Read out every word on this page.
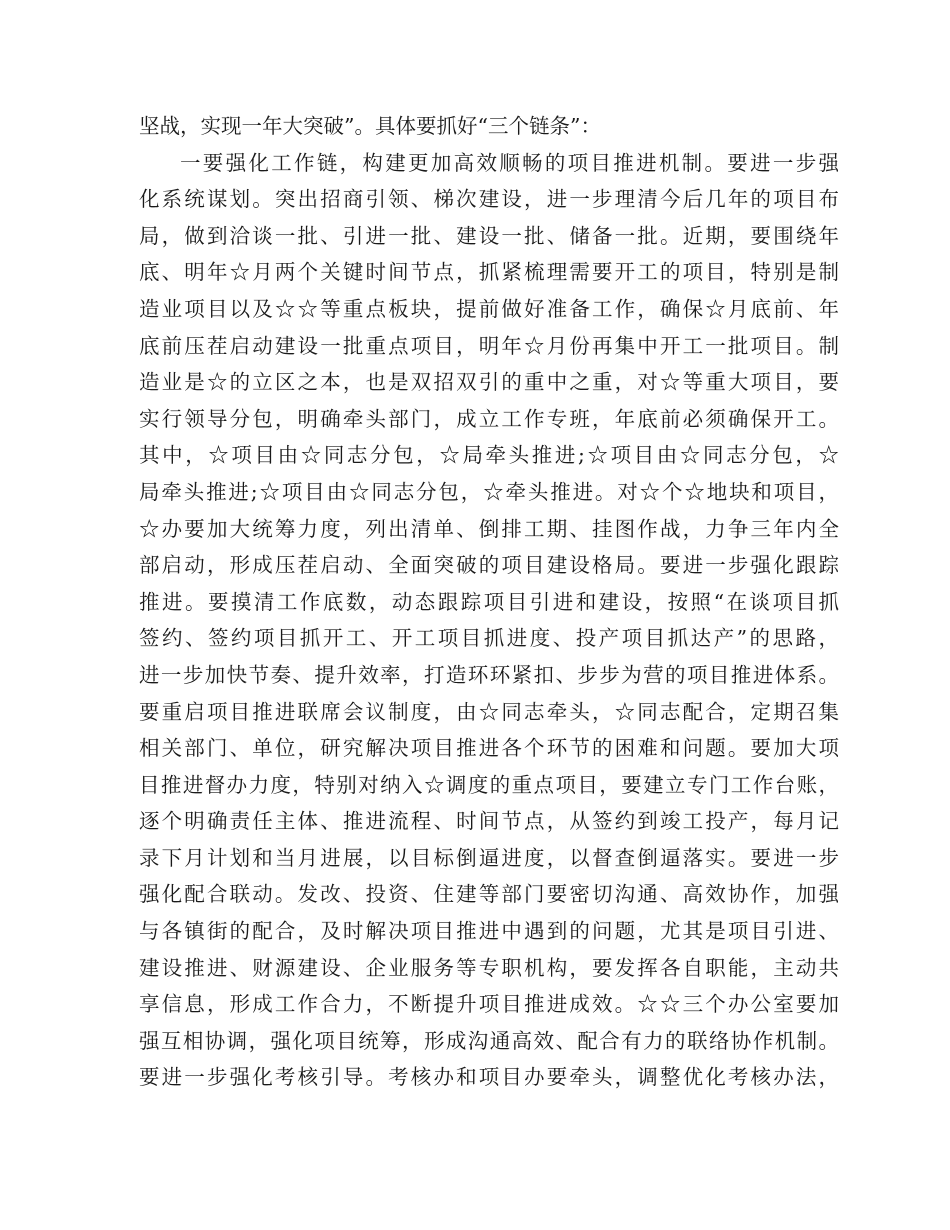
坚战，实现一年大突破”。具体要抓好“三个链条”：
一要强化工作链，构建更加高效顺畅的项目推进机制。要进一步强
化系统谋划。突出招商引领、梯次建设，进一步理清今后几年的项目布
局，做到洽谈一批、引进一批、建设一批、储备一批。近期，要围绕年
底、明年☆月两个关键时间节点，抓紧梳理需要开工的项目，特别是制
造业项目以及☆☆等重点板块，提前做好准备工作，确保☆月底前、年
底前压茬启动建设一批重点项目，明年☆月份再集中开工一批项目。制
造业是☆的立区之本，也是双招双引的重中之重，对☆等重大项目，要
实行领导分包，明确牵头部门，成立工作专班，年底前必须确保开工。
其中，☆项目由☆同志分包，☆局牵头推进;☆项目由☆同志分包，☆
局牵头推进;☆项目由☆同志分包，☆牵头推进。对☆个☆地块和项目，
☆办要加大统筹力度，列出清单、倒排工期、挂图作战，力争三年内全
部启动，形成压茬启动、全面突破的项目建设格局。要进一步强化跟踪
推进。要摸清工作底数，动态跟踪项目引进和建设，按照“在谈项目抓
签约、签约项目抓开工、开工项目抓进度、投产项目抓达产”的思路，
进一步加快节奏、提升效率，打造环环紧扣、步步为营的项目推进体系。
要重启项目推进联席会议制度，由☆同志牵头，☆同志配合，定期召集
相关部门、单位，研究解决项目推进各个环节的困难和问题。要加大项
目推进督办力度，特别对纳入☆调度的重点项目，要建立专门工作台账，
逐个明确责任主体、推进流程、时间节点，从签约到竣工投产，每月记
录下月计划和当月进展，以目标倒逼进度，以督查倒逼落实。要进一步
强化配合联动。发改、投资、住建等部门要密切沟通、高效协作，加强
与各镇街的配合，及时解决项目推进中遇到的问题，尤其是项目引进、
建设推进、财源建设、企业服务等专职机构，要发挥各自职能，主动共
享信息，形成工作合力，不断提升项目推进成效。☆☆三个办公室要加
强互相协调，强化项目统筹，形成沟通高效、配合有力的联络协作机制。
要进一步强化考核引导。考核办和项目办要牵头，调整优化考核办法，
